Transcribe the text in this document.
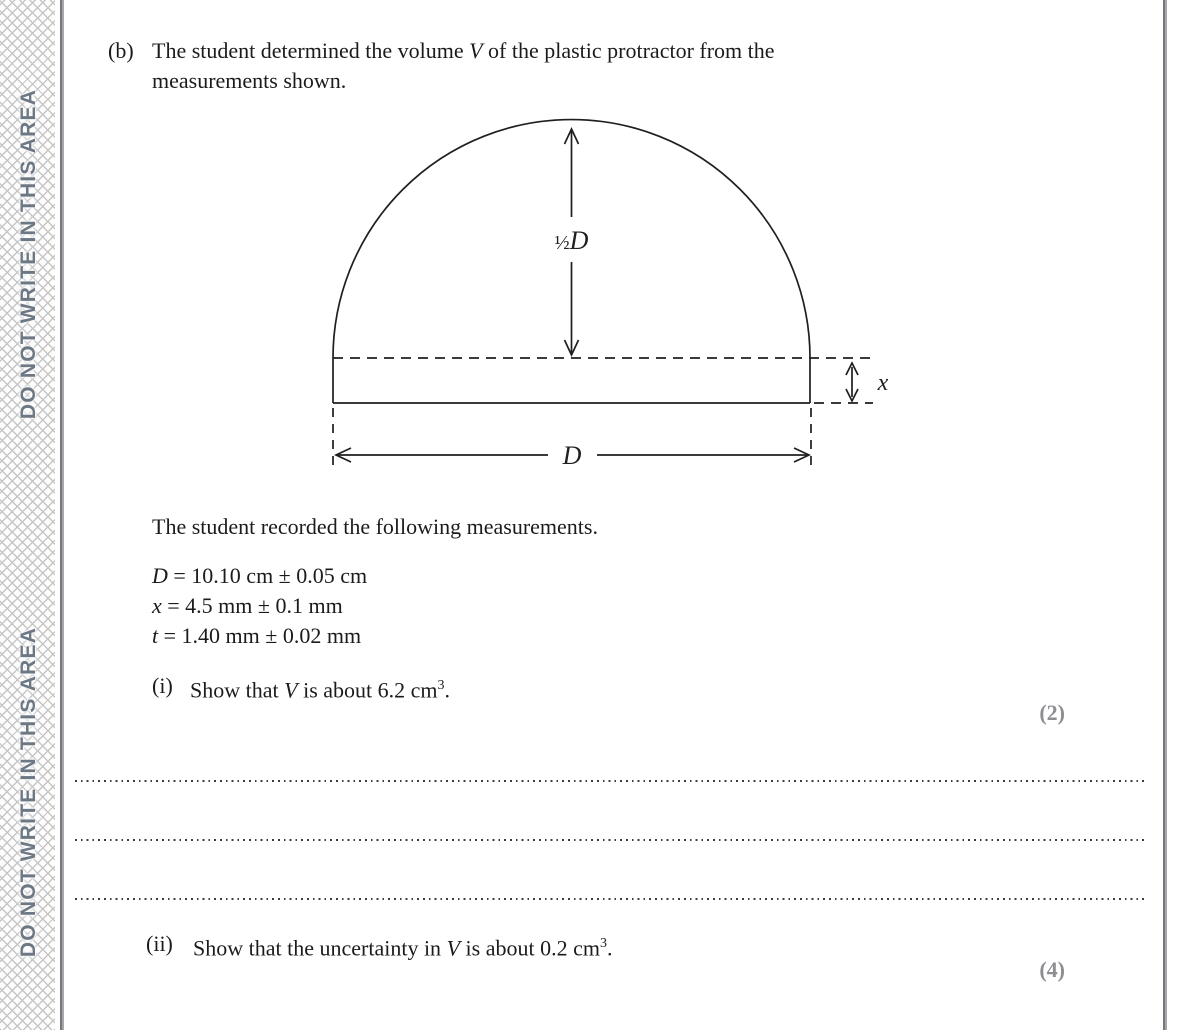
DO NOT WRITE IN THIS AREA
DO NOT WRITE IN THIS AREA
(b) The student determined the volume V of the plastic protractor from the
measurements shown.
½D
x
D
The student recorded the following measurements.
D = 10.10 cm ± 0.05 cm
x = 4.5 mm ± 0.1 mm
t = 1.40 mm ± 0.02 mm
(i) Show that V is about 6.2 $cm^3$.
(2)
(ii) Show that the uncertainty in V is about 0.2 $cm^3$.
(4)
